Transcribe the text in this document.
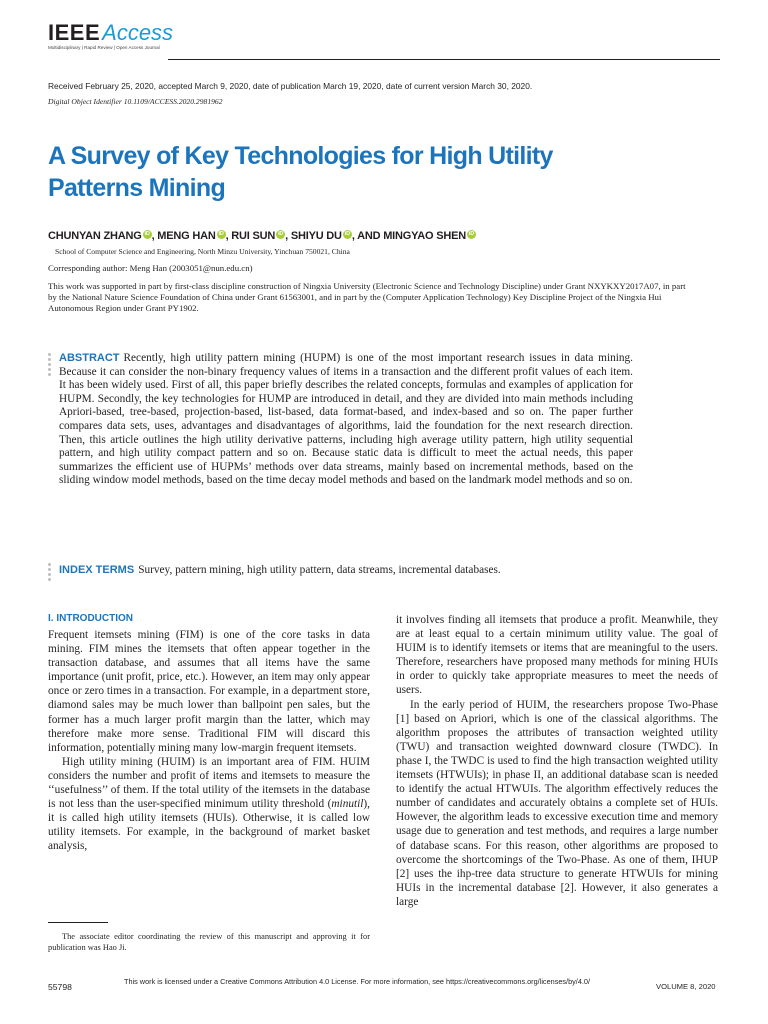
IEEEAccess
Multidisciplinary | Rapid Review | Open Access Journal
Received February 25, 2020, accepted March 9, 2020, date of publication March 19, 2020, date of current version March 30, 2020.
Digital Object Identifier 10.1109/ACCESS.2020.2981962
A Survey of Key Technologies for High Utility
Patterns Mining
CHUNYAN ZHANG iD , MENG HAN iD , RUI SUN iD , SHIYU DU iD , AND MINGYAO SHEN iD
School of Computer Science and Engineering, North Minzu University, Yinchuan 750021, China
Corresponding author: Meng Han (2003051@nun.edu.cn)
This work was supported in part by first-class discipline construction of Ningxia University (Electronic Science and Technology Discipline) under Grant NXYKXY2017A07, in part by the National Nature Science Foundation of China under Grant 61563001, and in part by the (Computer Application Technology) Key Discipline Project of the Ningxia Hui Autonomous Region under Grant PY1902.
ABSTRACT Recently, high utility pattern mining (HUPM) is one of the most important research issues in data mining. Because it can consider the non-binary frequency values of items in a transaction and the different profit values of each item. It has been widely used. First of all, this paper briefly describes the related concepts, formulas and examples of application for HUPM. Secondly, the key technologies for HUMP are introduced in detail, and they are divided into main methods including Apriori-based, tree-based, projection-based, list-based, data format-based, and index-based and so on. The paper further compares data sets, uses, advantages and disadvantages of algorithms, laid the foundation for the next research direction. Then, this article outlines the high utility derivative patterns, including high average utility pattern, high utility sequential pattern, and high utility compact pattern and so on. Because static data is difficult to meet the actual needs, this paper summarizes the efficient use of HUPMs’ methods over data streams, mainly based on incremental methods, based on the sliding window model methods, based on the time decay model methods and based on the landmark model methods and so on.
INDEX TERMS Survey, pattern mining, high utility pattern, data streams, incremental databases.
I. INTRODUCTION

Frequent itemsets mining (FIM) is one of the core tasks in data mining. FIM mines the itemsets that often appear together in the transaction database, and assumes that all items have the same importance (unit profit, price, etc.). However, an item may only appear once or zero times in a transaction. For example, in a department store, diamond sales may be much lower than ballpoint pen sales, but the former has a much larger profit margin than the latter, which may therefore make more sense. Traditional FIM will discard this information, potentially mining many low-margin frequent itemsets.

High utility mining (HUIM) is an important area of FIM. HUIM considers the number and profit of items and itemsets to measure the ‘‘usefulness’’ of them. If the total utility of the itemsets in the database is not less than the user-specified minimum utility threshold (minutil), it is called high utility itemsets (HUIs). Otherwise, it is called low utility itemsets. For example, in the background of market basket analysis,

it involves finding all itemsets that produce a profit. Meanwhile, they are at least equal to a certain minimum utility value. The goal of HUIM is to identify itemsets or items that are meaningful to the users. Therefore, researchers have proposed many methods for mining HUIs in order to quickly take appropriate measures to meet the needs of users.

In the early period of HUIM, the researchers propose Two-Phase [1] based on Apriori, which is one of the classical algorithms. The algorithm proposes the attributes of transaction weighted utility (TWU) and transaction weighted downward closure (TWDC). In phase I, the TWDC is used to find the high transaction weighted utility itemsets (HTWUIs); in phase II, an additional database scan is needed to identify the actual HTWUIs. The algorithm effectively reduces the number of candidates and accurately obtains a complete set of HUIs. However, the algorithm leads to excessive execution time and memory usage due to generation and test methods, and requires a large number of database scans. For this reason, other algorithms are proposed to overcome the shortcomings of the Two-Phase. As one of them, IHUP [2] uses the ihp-tree data structure to generate HTWUIs for mining HUIs in the incremental database [2]. However, it also generates a large

The associate editor coordinating the review of this manuscript and approving it for publication was Hao Ji.
55798
This work is licensed under a Creative Commons Attribution 4.0 License. For more information, see https://creativecommons.org/licenses/by/4.0/
VOLUME 8, 2020
